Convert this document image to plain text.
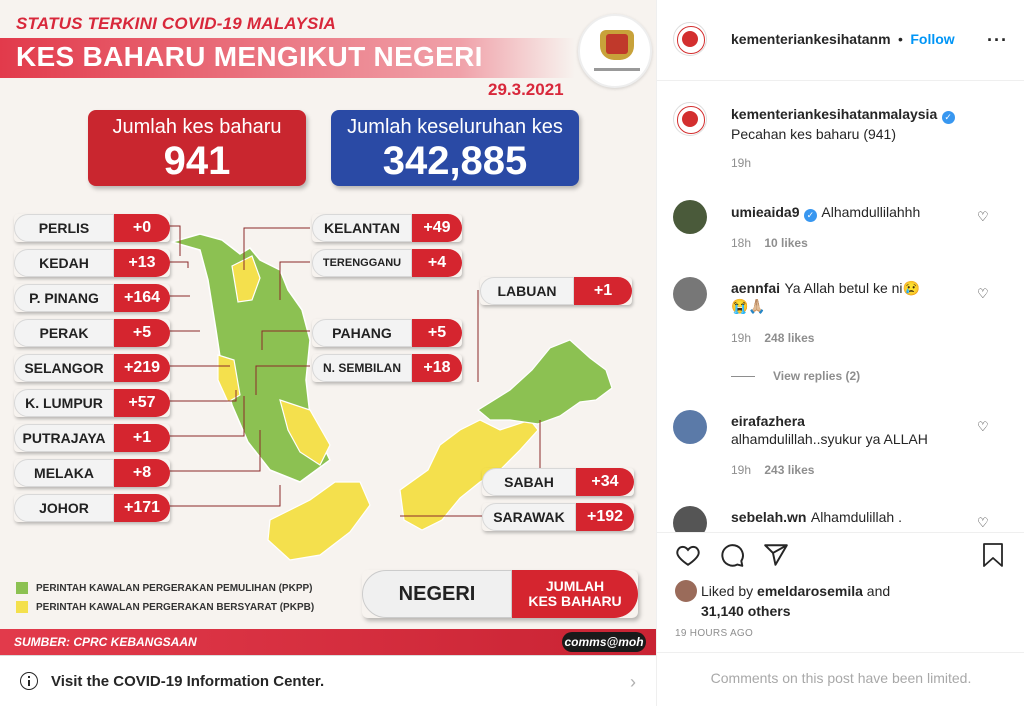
STATUS TERKINI COVID-19 MALAYSIA
KES BAHARU MENGIKUT NEGERI
29.3.2021
Jumlah kes baharu
941
Jumlah keseluruhan kes
342,885
PERLIS	+0
KEDAH	+13
P. PINANG	+164
PERAK	+5
SELANGOR	+219
K. LUMPUR	+57
PUTRAJAYA	+1
MELAKA	+8
JOHOR	+171
KELANTAN	+49
TERENGGANU	+4
PAHANG	+5
N. SEMBILAN	+18
LABUAN	+1
SABAH	+34
SARAWAK	+192
PERINTAH KAWALAN PERGERAKAN PEMULIHAN (PKPP)
PERINTAH KAWALAN PERGERAKAN BERSYARAT (PKPB)
NEGERI	JUMLAH
KES BAHARU
SUMBER: CPRC KEBANGSAAN	comms@moh
Visit the COVID-19 Information Center.	›
kementeriankesihatanm • Follow ···
kementeriankesihatanmalaysia ✓
Pecahan kes baharu (941)
19h
umieaida9 ✓ Alhamdullilahhh
18h 10 likes
♡
aennfai Ya Allah betul ke ni😢
😭🙏🏼
19h 248 likes
♡
View replies (2)
eirafazhera
alhamdulillah..syukur ya ALLAH
19h 243 likes
♡
sebelah.wn Alhamdulillah .	♡
Liked by emeldarosemila and
31,140 others
19 HOURS AGO
Comments on this post have been limited.
